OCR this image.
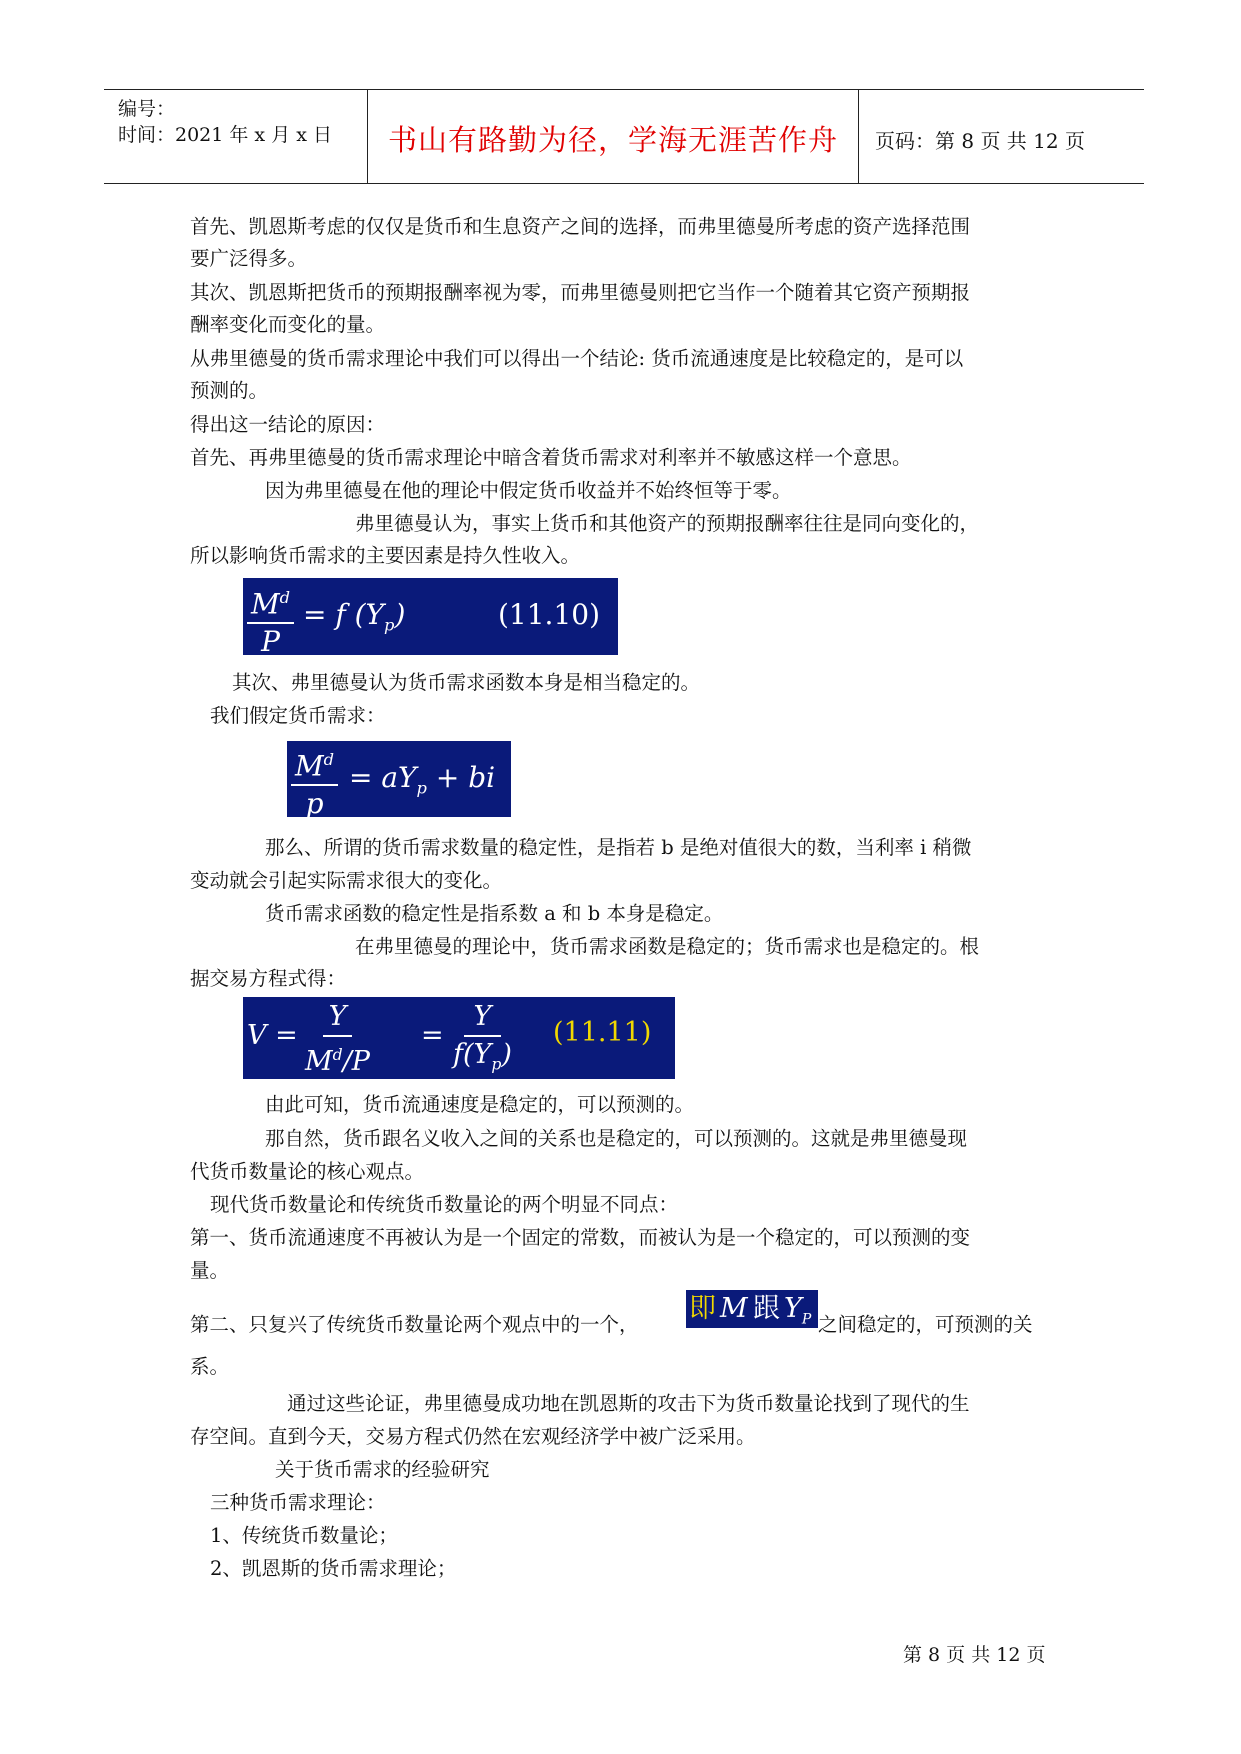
编号：
时间：2021 年 x 月 x 日	书山有路勤为径，学海无涯苦作舟	页码：第 8 页 共 12 页
首先、凯恩斯考虑的仅仅是货币和生息资产之间的选择，而弗里德曼所考虑的资产选择范围
要广泛得多。
其次、凯恩斯把货币的预期报酬率视为零，而弗里德曼则把它当作一个随着其它资产预期报
酬率变化而变化的量。
从弗里德曼的货币需求理论中我们可以得出一个结论: 货币流通速度是比较稳定的，是可以
预测的。
得出这一结论的原因：
首先、再弗里德曼的货币需求理论中暗含着货币需求对利率并不敏感这样一个意思。
因为弗里德曼在他的理论中假定货币收益并不始终恒等于零。
弗里德曼认为，事实上货币和其他资产的预期报酬率往往是同向变化的，
所以影响货币需求的主要因素是持久性收入。
$\frac{M^d}{P} = f$ $(Y_p)$	(11.10)
其次、弗里德曼认为货币需求函数本身是相当稳定的。
我们假定货币需求：
$\frac{M^d}{p} = aY_p$ + bi
那么、所谓的货币需求数量的稳定性，是指若 b 是绝对值很大的数，当利率 i 稍微
变动就会引起实际需求很大的变化。
货币需求函数的稳定性是指系数 a 和 b 本身是稳定。
在弗里德曼的理论中，货币需求函数是稳定的；货币需求也是稳定的。根
据交易方程式得：
$V = \frac{Y}{M^d/P} = \frac{Y}{f(Y_p)} (11.11)$
由此可知，货币流通速度是稳定的，可以预测的。
那自然，货币跟名义收入之间的关系也是稳定的，可以预测的。这就是弗里德曼现
代货币数量论的核心观点。
现代货币数量论和传统货币数量论的两个明显不同点：
第一、货币流通速度不再被认为是一个固定的常数，而被认为是一个稳定的，可以预测的变
量。
第二、只复兴了传统货币数量论两个观点中的一个，
即 M 跟 $Y_P$ 之间稳定的，可预测的关
系。
通过这些论证，弗里德曼成功地在凯恩斯的攻击下为货币数量论找到了现代的生
存空间。直到今天，交易方程式仍然在宏观经济学中被广泛采用。
关于货币需求的经验研究
三种货币需求理论：
1、传统货币数量论；
2、凯恩斯的货币需求理论；
第 8 页 共 12 页
